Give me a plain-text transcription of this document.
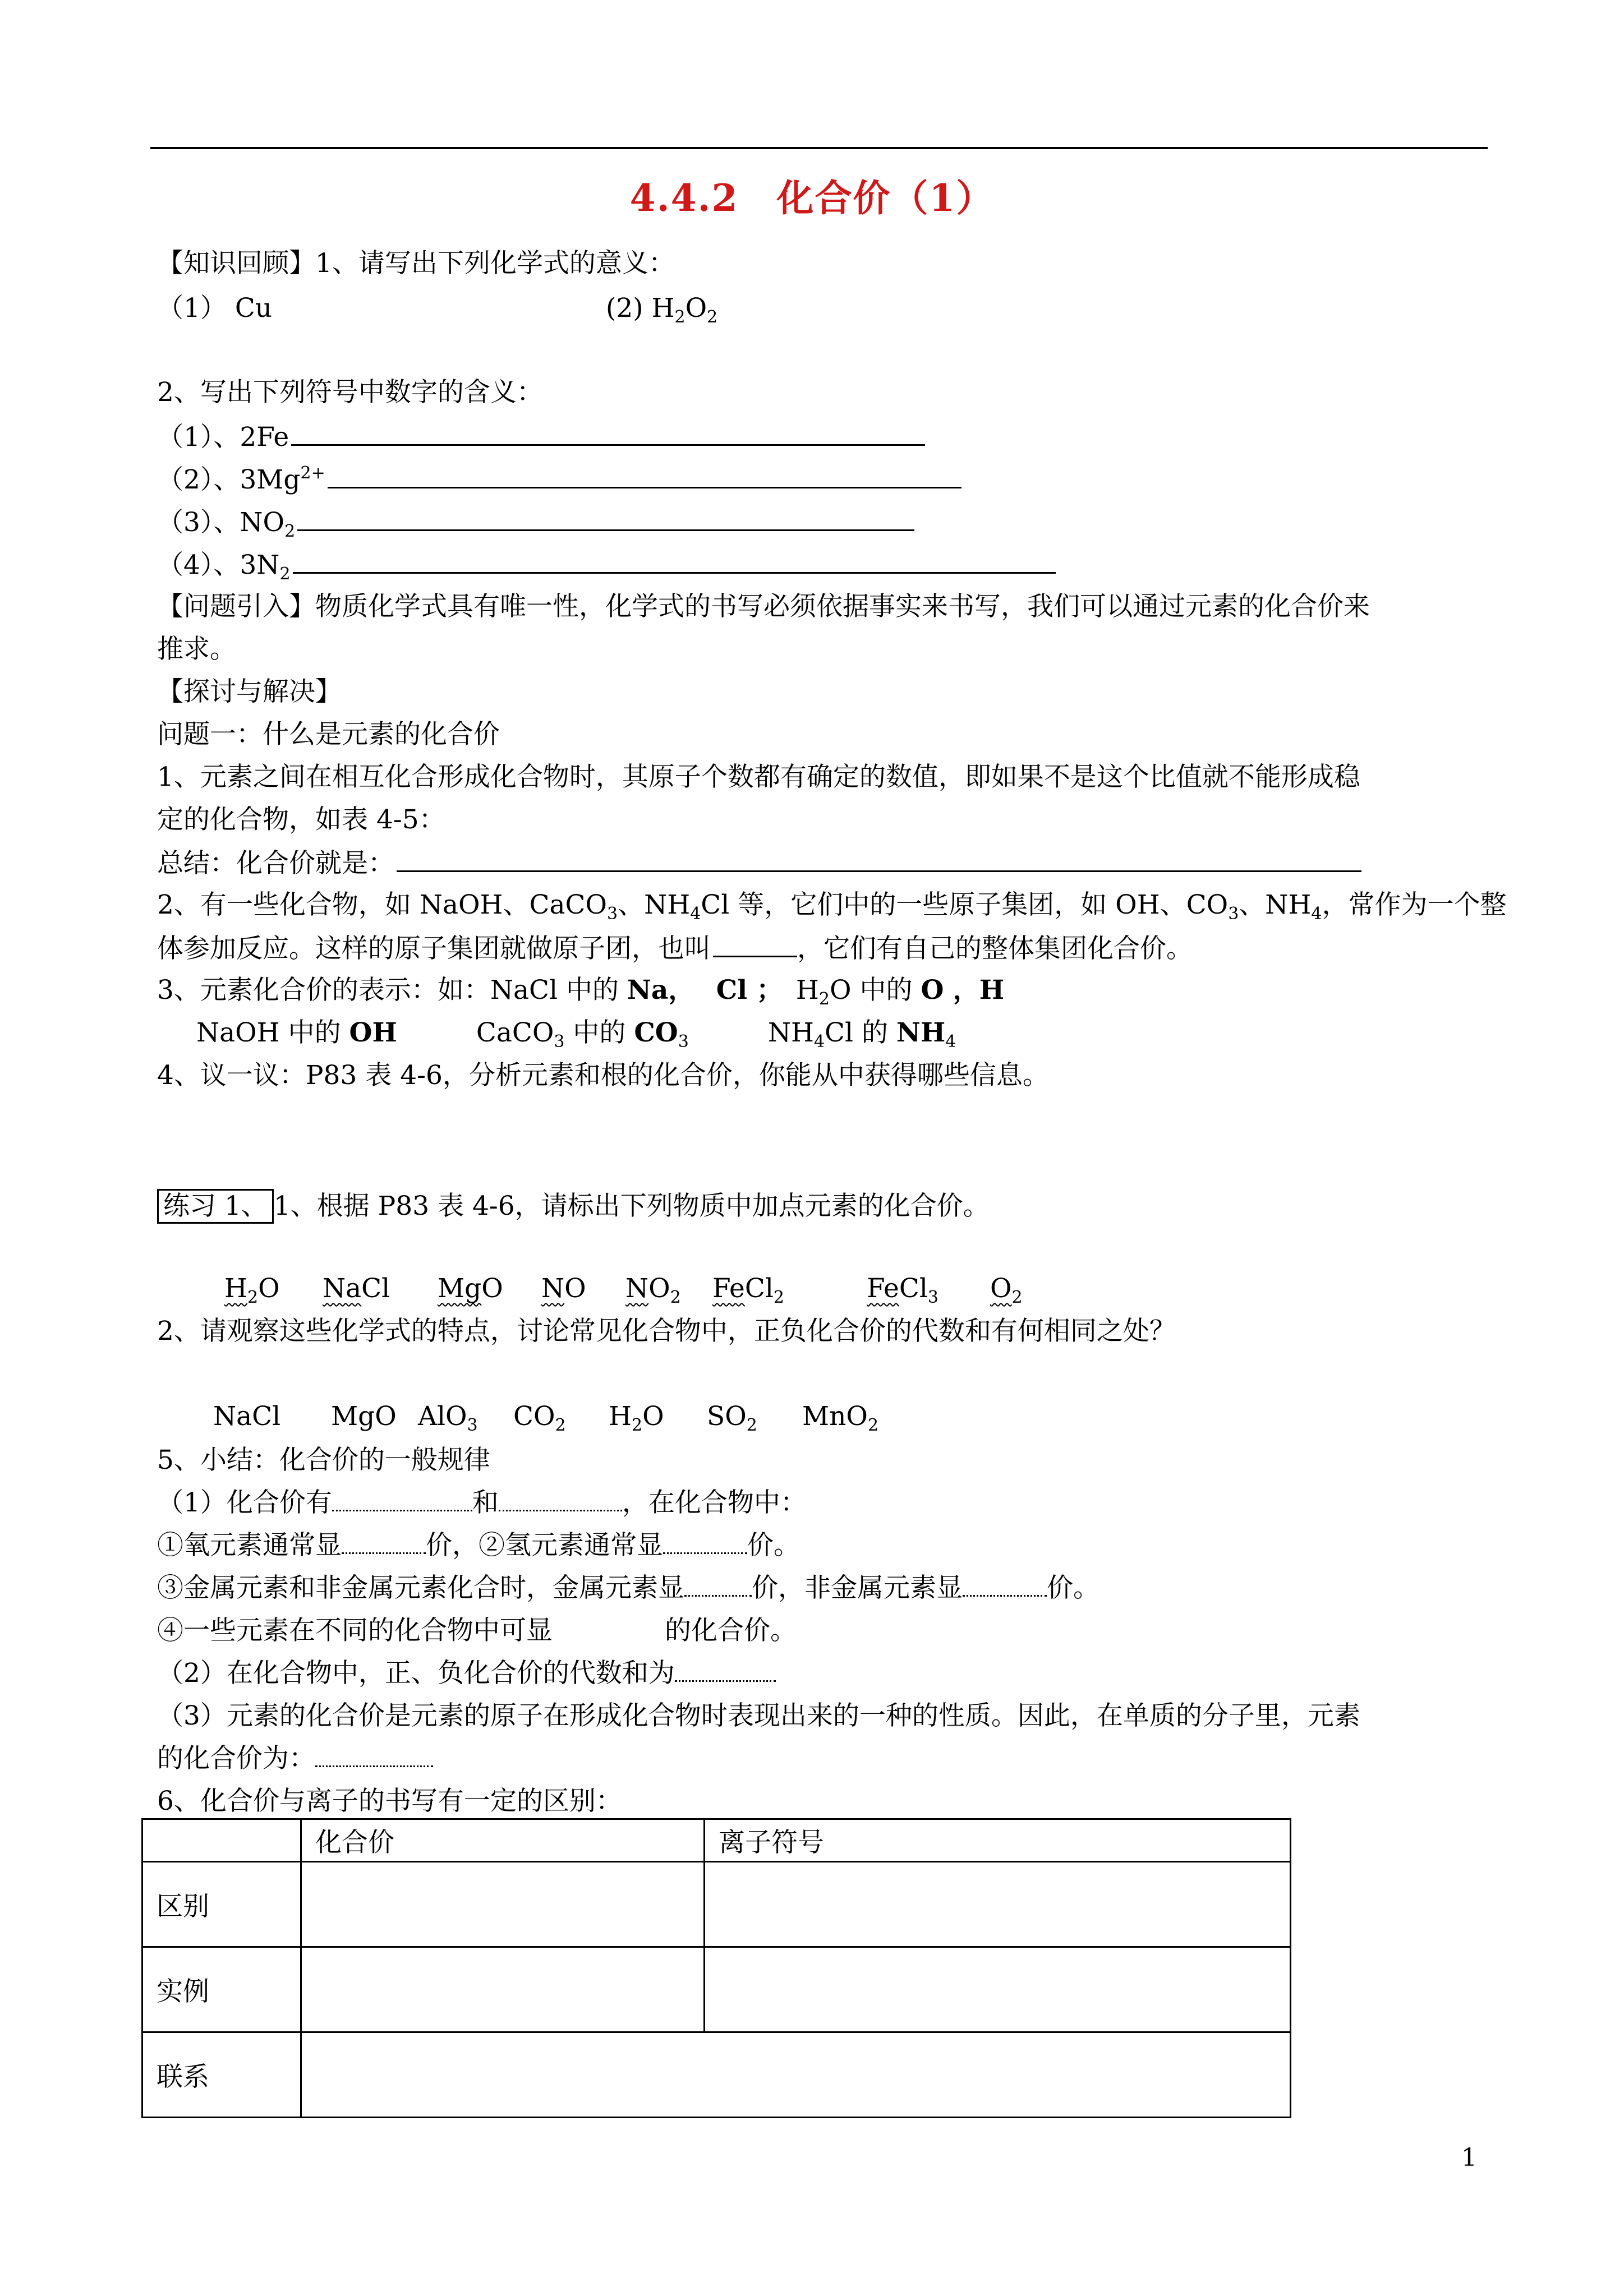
4.4.2　化合价（1）
【知识回顾】1、请写出下列化学式的意义：
（1） Cu	(2) $H_2O_2$
2、写出下列符号中数字的含义：
（1）、2Fe
（2）、$3Mg^{2+}$
（3）、$NO_2$
（4）、$3N_2$
【问题引入】物质化学式具有唯一性，化学式的书写必须依据事实来书写，我们可以通过元素的化合价来
推求。
【探讨与解决】
问题一：什么是元素的化合价
1、元素之间在相互化合形成化合物时，其原子个数都有确定的数值，即如果不是这个比值就不能形成稳
定的化合物，如表 4-5：
总结：化合价就是：
2、有一些化合物，如 NaOH、CaCO$_3$、$NH_4Cl$ 等，它们中的一些原子集团，如 OH、$CO_3$、$NH_4$，常作为一个整
体参加反应。这样的原子集团就做原子团，也叫	，它们有自己的整体集团化合价。
3、元素化合价的表示：如：NaCl 中的 Na，　 Cl ；　 $H_2O$ 中的 O ，H
NaOH 中的 OH　　　	CaCO$_3$ 中的 $CO_3$　　　	$NH_4Cl$ 的 $NH_4$
4、议一议：P83 表 4-6，分析元素和根的化合价，你能从中获得哪些信息。
练习 1、 1、根据 P83 表 4-6，请标出下列物质中加点元素的化合价。
$H_2O$ NaCl MgO NO $NO_2$ FeCl$_2$	FeCl$_3$ $O_2$
2、请观察这些化学式的特点，讨论常见化合物中，正负化合价的代数和有何相同之处？
NaCl MgO AlO$_3$ $CO_2$ $H_2O$ $SO_2$ MnO$_2$
5、小结：化合价的一般规律
（1）化合价有	和	，在化合物中：
①氧元素通常显	价，②氢元素通常显	价。
③金属元素和非金属元素化合时，金属元素显	价，非金属元素显	价。
④一些元素在不同的化合物中可显	的化合价。
（2）在化合物中，正、负化合价的代数和为
（3）元素的化合价是元素的原子在形成化合物时表现出来的一种的性质。因此，在单质的分子里，元素
的化合价为：
6、化合价与离子的书写有一定的区别：
	化合价	离子符号
区别		
实例		
联系		
1
